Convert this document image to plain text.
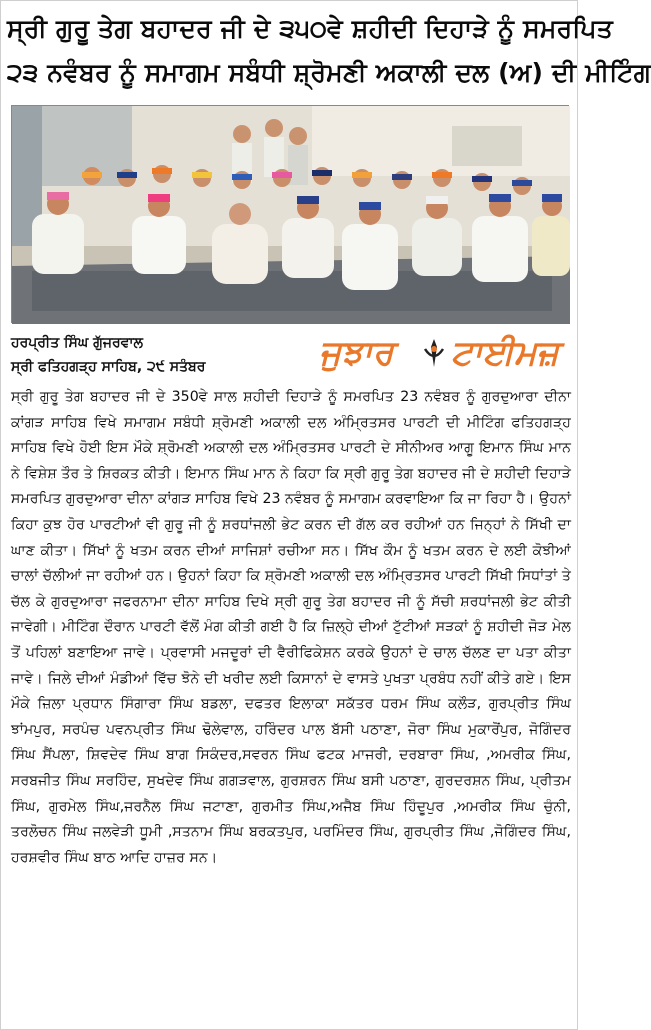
ਸ੍ਰੀ ਗੁਰੂ ਤੇਗ ਬਹਾਦਰ ਜੀ ਦੇ ੩੫੦ਵੇ ਸ਼ਹੀਦੀ ਦਿਹਾੜੇ ਨੂੰ ਸਮਰਪਿਤ
੨੩ ਨਵੰਬਰ ਨੂੰ ਸਮਾਗਮ ਸਬੰਧੀ ਸ਼੍ਰੋਮਣੀ ਅਕਾਲੀ ਦਲ (ਅ) ਦੀ ਮੀਟਿੰਗ
ਹਰਪ੍ਰੀਤ ਸਿੰਘ ਗੁੱਜਰਵਾਲ
ਸ੍ਰੀ ਫਤਿਹਗੜ੍ਹ ਸਾਹਿਬ, ੨੯ ਸਤੰਬਰ	ਜੁਝਾਰ ਟਾਈਮਜ਼

ਸ੍ਰੀ ਗੁਰੂ ਤੇਗ ਬਹਾਦਰ ਜੀ ਦੇ 350ਵੇ ਸਾਲ ਸ਼ਹੀਦੀ ਦਿਹਾੜੇ ਨੂੰ ਸਮਰਪਿਤ 23 ਨਵੰਬਰ ਨੂੰ ਗੁਰਦੁਆਰਾ ਦੀਨਾ ਕਾਂਗੜ ਸਾਹਿਬ ਵਿਖੇ ਸਮਾਗਮ ਸਬੰਧੀ ਸ਼੍ਰੋਮਣੀ ਅਕਾਲੀ ਦਲ ਅੰਮ੍ਰਿਤਸਰ ਪਾਰਟੀ ਦੀ ਮੀਟਿੰਗ ਫਤਿਹਗੜ੍ਹ ਸਾਹਿਬ ਵਿਖੇ ਹੋਈ ਇਸ ਮੌਕੇ ਸ਼੍ਰੋਮਣੀ ਅਕਾਲੀ ਦਲ ਅੰਮ੍ਰਿਤਸਰ ਪਾਰਟੀ ਦੇ ਸੀਨੀਅਰ ਆਗੂ ਇਮਾਨ ਸਿੰਘ ਮਾਨ ਨੇ ਵਿਸ਼ੇਸ਼ ਤੌਰ ਤੇ ਸ਼ਿਰਕਤ ਕੀਤੀ। ਇਮਾਨ ਸਿੰਘ ਮਾਨ ਨੇ ਕਿਹਾ ਕਿ ਸ੍ਰੀ ਗੁਰੂ ਤੇਗ ਬਹਾਦਰ ਜੀ ਦੇ ਸ਼ਹੀਦੀ ਦਿਹਾੜੇ ਸਮਰਪਿਤ ਗੁਰਦੁਆਰਾ ਦੀਨਾ ਕਾਂਗੜ ਸਾਹਿਬ ਵਿਖੇ 23 ਨਵੰਬਰ ਨੂੰ ਸਮਾਗਮ ਕਰਵਾਇਆ ਕਿ ਜਾ ਰਿਹਾ ਹੈ। ਉਹਨਾਂ ਕਿਹਾ ਕੁਝ ਹੋਰ ਪਾਰਟੀਆਂ ਵੀ ਗੁਰੂ ਜੀ ਨੂੰ ਸ਼ਰਧਾਂਜਲੀ ਭੇਟ ਕਰਨ ਦੀ ਗੱਲ ਕਰ ਰਹੀਆਂ ਹਨ ਜਿਨ੍ਹਾਂ ਨੇ ਸਿੱਖੀ ਦਾ ਘਾਣ ਕੀਤਾ। ਸਿੱਖਾਂ ਨੂੰ ਖਤਮ ਕਰਨ ਦੀਆਂ ਸਾਜਿਸ਼ਾਂ ਰਚੀਆ ਸਨ। ਸਿੱਖ ਕੌਮ ਨੂੰ ਖਤਮ ਕਰਨ ਦੇ ਲਈ ਕੋਝੀਆਂ ਚਾਲਾਂ ਚੱਲੀਆਂ ਜਾ ਰਹੀਆਂ ਹਨ। ਉਹਨਾਂ ਕਿਹਾ ਕਿ ਸ਼੍ਰੋਮਣੀ ਅਕਾਲੀ ਦਲ ਅੰਮ੍ਰਿਤਸਰ ਪਾਰਟੀ ਸਿੱਖੀ ਸਿਧਾਂਤਾਂ ਤੇ ਚੱਲ ਕੇ ਗੁਰਦੁਆਰਾ ਜਫਰਨਾਮਾ ਦੀਨਾ ਸਾਹਿਬ ਦਿਖੇ ਸ੍ਰੀ ਗੁਰੂ ਤੇਗ ਬਹਾਦਰ ਜੀ ਨੂੰ ਸੱਚੀ ਸ਼ਰਧਾਂਜਲੀ ਭੇਟ ਕੀਤੀ ਜਾਵੇਗੀ। ਮੀਟਿੰਗ ਦੌਰਾਨ ਪਾਰਟੀ ਵੱਲੋਂ ਮੰਗ ਕੀਤੀ ਗਈ ਹੈ ਕਿ ਜ਼ਿਲ੍ਹੇ ਦੀਆਂ ਟੁੱਟੀਆਂ ਸੜਕਾਂ ਨੂੰ ਸ਼ਹੀਦੀ ਜੋੜ ਮੇਲ ਤੋਂ ਪਹਿਲਾਂ ਬਣਾਇਆ ਜਾਵੇ। ਪ੍ਰਵਾਸੀ ਮਜਦੂਰਾਂ ਦੀ ਵੈਰੀਫਿਕੇਸ਼ਨ ਕਰਕੇ ਉਹਨਾਂ ਦੇ ਚਾਲ ਚੱਲਣ ਦਾ ਪਤਾ ਕੀਤਾ ਜਾਵੇ। ਜਿਲੇ ਦੀਆਂ ਮੰਡੀਆਂ ਵਿੱਚ ਝੋਨੇ ਦੀ ਖਰੀਦ ਲਈ ਕਿਸਾਨਾਂ ਦੇ ਵਾਸਤੇ ਪੁਖਤਾ ਪ੍ਰਬੰਧ ਨਹੀਂ ਕੀਤੇ ਗਏ। ਇਸ ਮੌਕੇ ਜ਼ਿਲਾ ਪ੍ਰਧਾਨ ਸਿੰਗਾਰਾ ਸਿੰਘ ਬਡਲਾ, ਦਫਤਰ ਇਲਾਕਾ ਸਕੱਤਰ ਧਰਮ ਸਿੰਘ ਕਲੌੜ, ਗੁਰਪ੍ਰੀਤ ਸਿੰਘ ਝਾਂਮਪੁਰ, ਸਰਪੰਚ ਪਵਨਪ੍ਰੀਤ ਸਿੰਘ ਢੋਲੇਵਾਲ, ਹਰਿੰਦਰ ਪਾਲ ਬੱਸੀ ਪਠਾਣਾ, ਜੋਰਾ ਸਿੰਘ ਮੁਕਾਰੋਂਪੁਰ, ਜੋਗਿੰਦਰ ਸਿੰਘ ਸੈਂਪਲਾ, ਸ਼ਿਵਦੇਵ ਸਿੰਘ ਬਾਗ ਸਿਕੰਦਰ,ਸਵਰਨ ਸਿੰਘ ਫਟਕ ਮਾਜਰੀ, ਦਰਬਾਰਾ ਸਿੰਘ, ,ਅਮਰੀਕ ਸਿੰਘ, ਸਰਬਜੀਤ ਸਿੰਘ ਸਰਹਿੰਦ, ਸੁਖਦੇਵ ਸਿੰਘ ਗਗੜਵਾਲ, ਗੁਰਸ਼ਰਨ ਸਿੰਘ ਬਸੀ ਪਠਾਣਾ, ਗੁਰਦਰਸ਼ਨ ਸਿੰਘ, ਪ੍ਰੀਤਮ ਸਿੰਘ, ਗੁਰਮੇਲ ਸਿੰਘ,ਜਰਨੈਲ ਸਿੰਘ ਜਟਾਣਾ, ਗੁਰਮੀਤ ਸਿੰਘ,ਅਜੈਬ ਸਿੰਘ ਹਿੰਦੂਪੁਰ ,ਅਮਰੀਕ ਸਿੰਘ ਚੁੰਨੀ, ਤਰਲੋਚਨ ਸਿੰਘ ਜਲਵੇੜੀ ਧੂਮੀ ,ਸਤਨਾਮ ਸਿੰਘ ਬਰਕਤਪੁਰ, ਪਰਮਿੰਦਰ ਸਿੰਘ, ਗੁਰਪ੍ਰੀਤ ਸਿੰਘ ,ਜੋਗਿੰਦਰ ਸਿੰਘ, ਹਰਸ਼ਵੀਰ ਸਿੰਘ ਬਾਠ ਆਦਿ ਹਾਜ਼ਰ ਸਨ।
